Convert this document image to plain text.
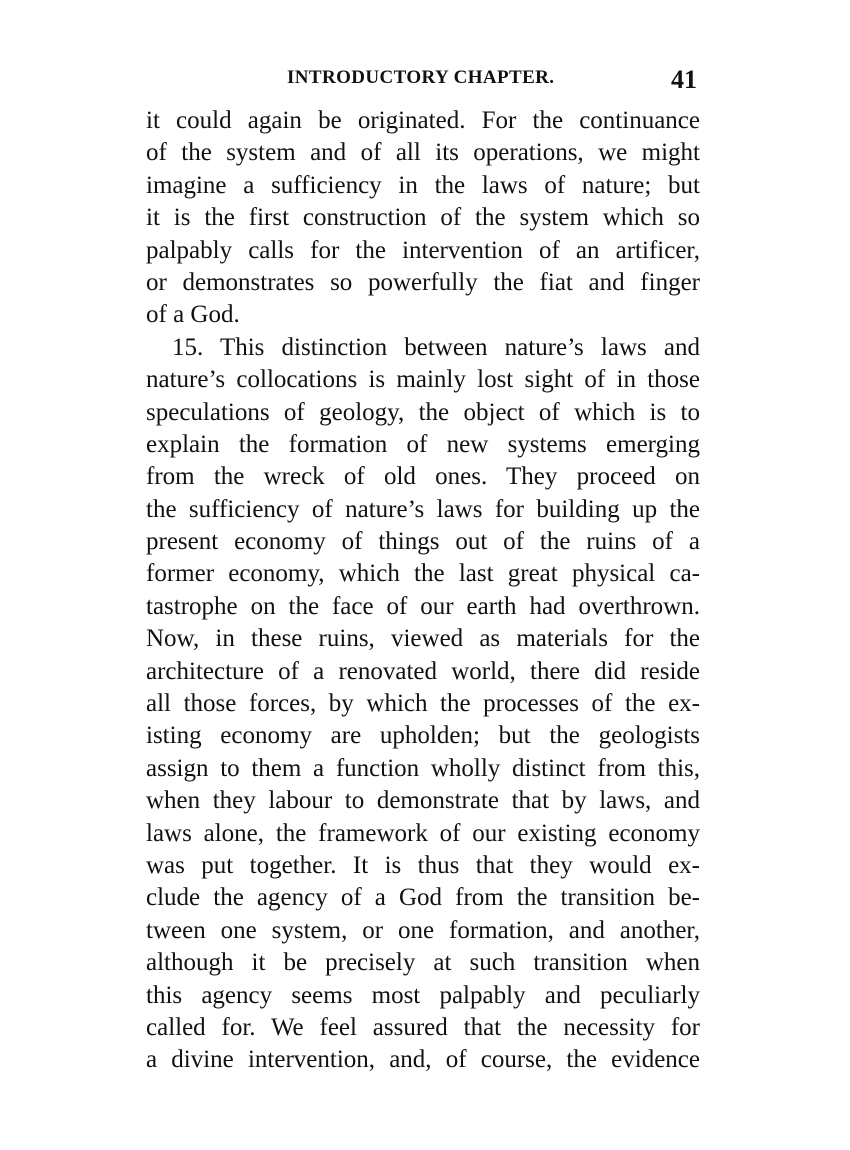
INTRODUCTORY CHAPTER.	41
it could again be originated. For the continuance
of the system and of all its operations, we might
imagine a sufficiency in the laws of nature; but
it is the first construction of the system which so
palpably calls for the intervention of an artificer,
or demonstrates so powerfully the fiat and finger
of a God.
15. This distinction between nature’s laws and
nature’s collocations is mainly lost sight of in those
speculations of geology, the object of which is to
explain the formation of new systems emerging
from the wreck of old ones. They proceed on
the sufficiency of nature’s laws for building up the
present economy of things out of the ruins of a
former economy, which the last great physical ca-
tastrophe on the face of our earth had overthrown.
Now, in these ruins, viewed as materials for the
architecture of a renovated world, there did reside
all those forces, by which the processes of the ex-
isting economy are upholden; but the geologists
assign to them a function wholly distinct from this,
when they labour to demonstrate that by laws, and
laws alone, the framework of our existing economy
was put together. It is thus that they would ex-
clude the agency of a God from the transition be-
tween one system, or one formation, and another,
although it be precisely at such transition when
this agency seems most palpably and peculiarly
called for. We feel assured that the necessity for
a divine intervention, and, of course, the evidence
